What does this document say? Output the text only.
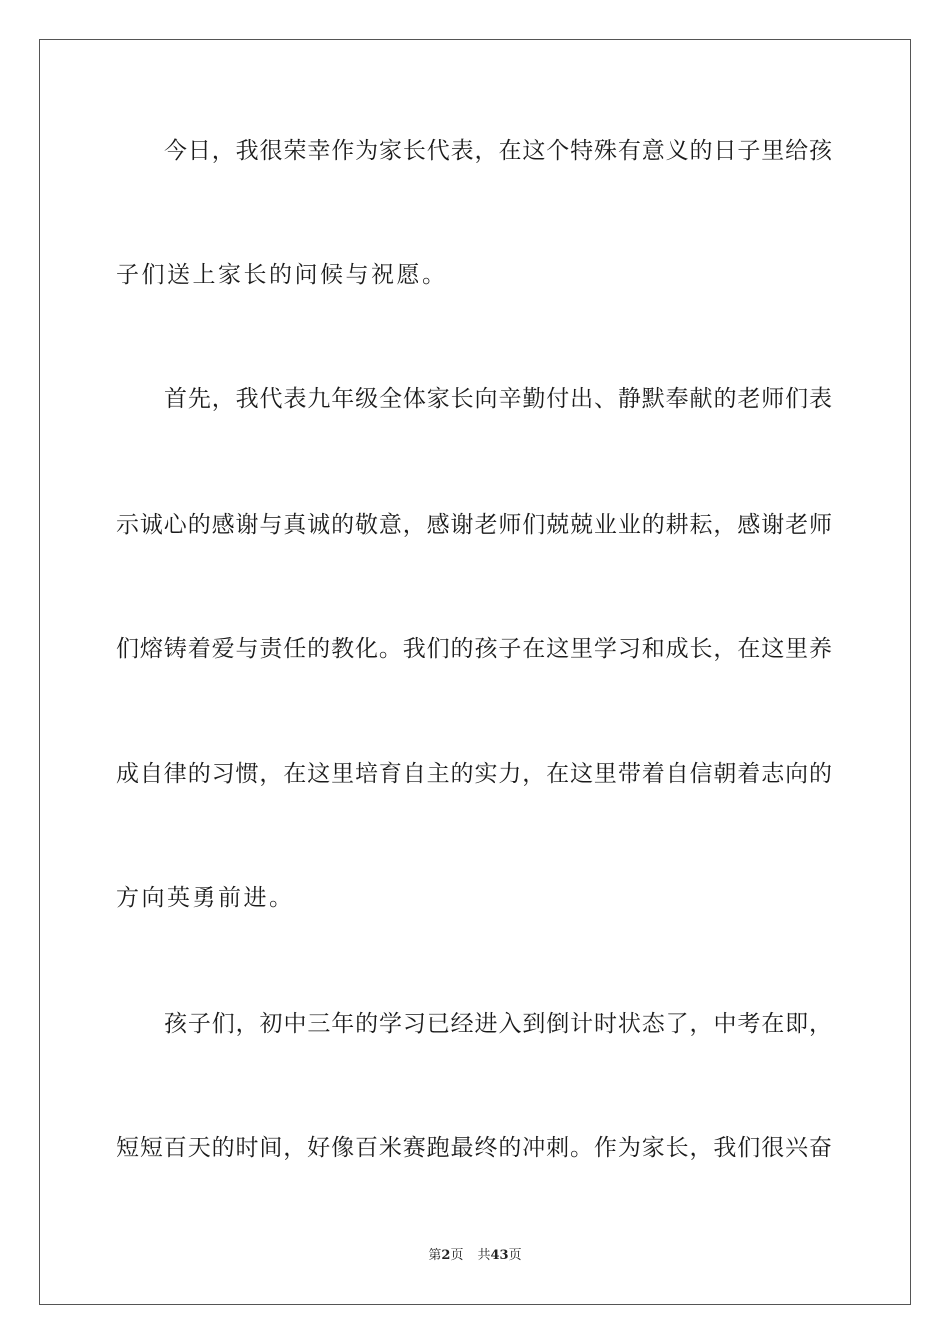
今日，我很荣幸作为家长代表，在这个特殊有意义的日子里给孩
子们送上家长的问候与祝愿。
首先，我代表九年级全体家长向辛勤付出、静默奉献的老师们表
示诚心的感谢与真诚的敬意，感谢老师们兢兢业业的耕耘，感谢老师
们熔铸着爱与责任的教化。我们的孩子在这里学习和成长，在这里养
成自律的习惯，在这里培育自主的实力，在这里带着自信朝着志向的
方向英勇前进。
孩子们，初中三年的学习已经进入到倒计时状态了，中考在即，
短短百天的时间，好像百米赛跑最终的冲刺。作为家长，我们很兴奋
第2页 共43页
